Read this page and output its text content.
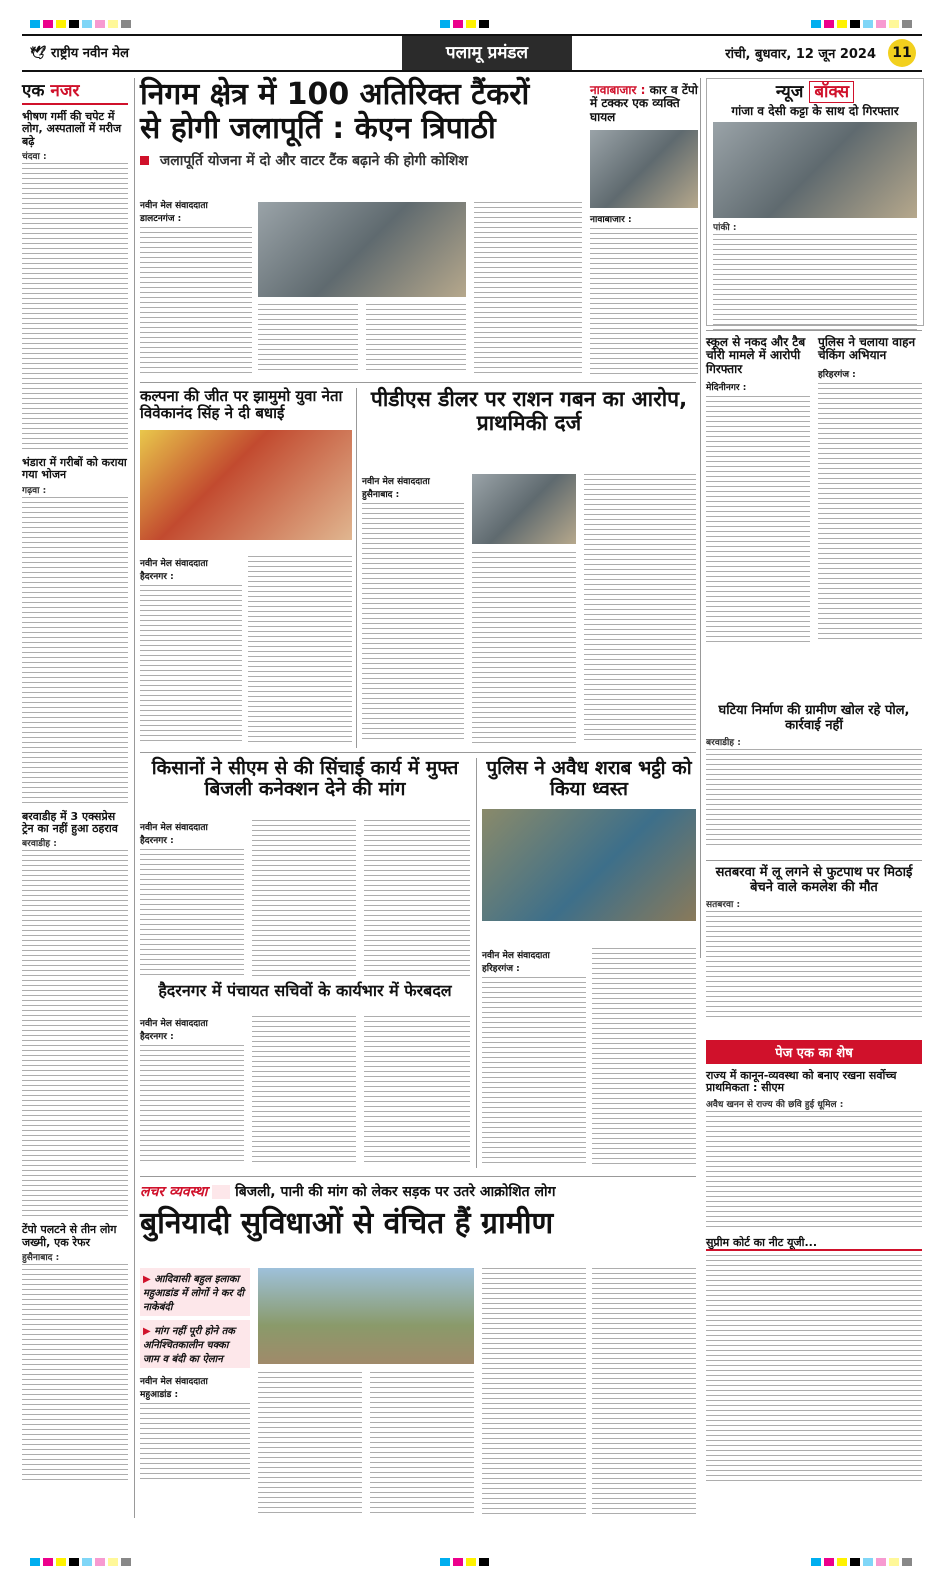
🕊 राष्ट्रीय नवीन मेल	पलामू प्रमंडल	रांची, बुधवार, 12 जून 2024	11
एक नजर
भीषण गर्मी की चपेट में लोग, अस्पतालों में मरीज बढ़े
चंदवा :
भंडारा में गरीबों को कराया गया भोजन
गढ़वा :
बरवाडीह में 3 एक्सप्रेस ट्रेन का नहीं हुआ ठहराव
बरवाडीह :
टेंपो पलटने से तीन लोग जख्मी, एक रेफर
हुसैनाबाद :
निगम क्षेत्र में 100 अतिरिक्त टैंकरों
से होगी जलापूर्ति : केएन त्रिपाठी
जलापूर्ति योजना में दो और वाटर टैंक बढ़ाने की होगी कोशिश
नवीन मेल संवाददाता
डालटनगंज :
नावाबाजार : कार व टेंपो में टक्कर एक व्यक्ति घायल
नावाबाजार :
न्यूज बॉक्स
गांजा व देसी कट्टा के साथ दो गिरफ्तार
पांकी :
कल्पना की जीत पर झामुमो युवा नेता विवेकानंद सिंह ने दी बधाई
नवीन मेल संवाददाता
हैदरनगर :
पीडीएस डीलर पर राशन गबन का आरोप, प्राथमिकी दर्ज
नवीन मेल संवाददाता
हुसैनाबाद :
स्कूल से नकद और टैब चोरी मामले में आरोपी गिरफ्तार
मेदिनीनगर :
पुलिस ने चलाया वाहन चेकिंग अभियान
हरिहरगंज :
घटिया निर्माण की ग्रामीण खोल रहे पोल, कार्रवाई नहीं
बरवाडीह :
किसानों ने सीएम से की सिंचाई कार्य में मुफ्त बिजली कनेक्शन देने की मांग
नवीन मेल संवाददाता
हैदरनगर :
पुलिस ने अवैध शराब भट्ठी को किया ध्वस्त
नवीन मेल संवाददाता
हरिहरगंज :
हैदरनगर में पंचायत सचिवों के कार्यभार में फेरबदल
नवीन मेल संवाददाता
हैदरनगर :
सतबरवा में लू लगने से फुटपाथ पर मिठाई बेचने वाले कमलेश की मौत
सतबरवा :
पेज एक का शेष
राज्य में कानून-व्यवस्था को बनाए रखना सर्वोच्च प्राथमिकता : सीएम
अवैध खनन से राज्य की छवि हुई धूमिल :
सुप्रीम कोर्ट का नीट यूजी...
लचर व्यवस्था बिजली, पानी की मांग को लेकर सड़क पर उतरे आक्रोशित लोग
बुनियादी सुविधाओं से वंचित हैं ग्रामीण
▶ आदिवासी बहुल इलाका महुआडांड में लोगों ने कर दी नाकेबंदी
▶ मांग नहीं पूरी होने तक अनिश्चितकालीन चक्का जाम व बंदी का ऐलान
नवीन मेल संवाददाता
महुआडांड :
